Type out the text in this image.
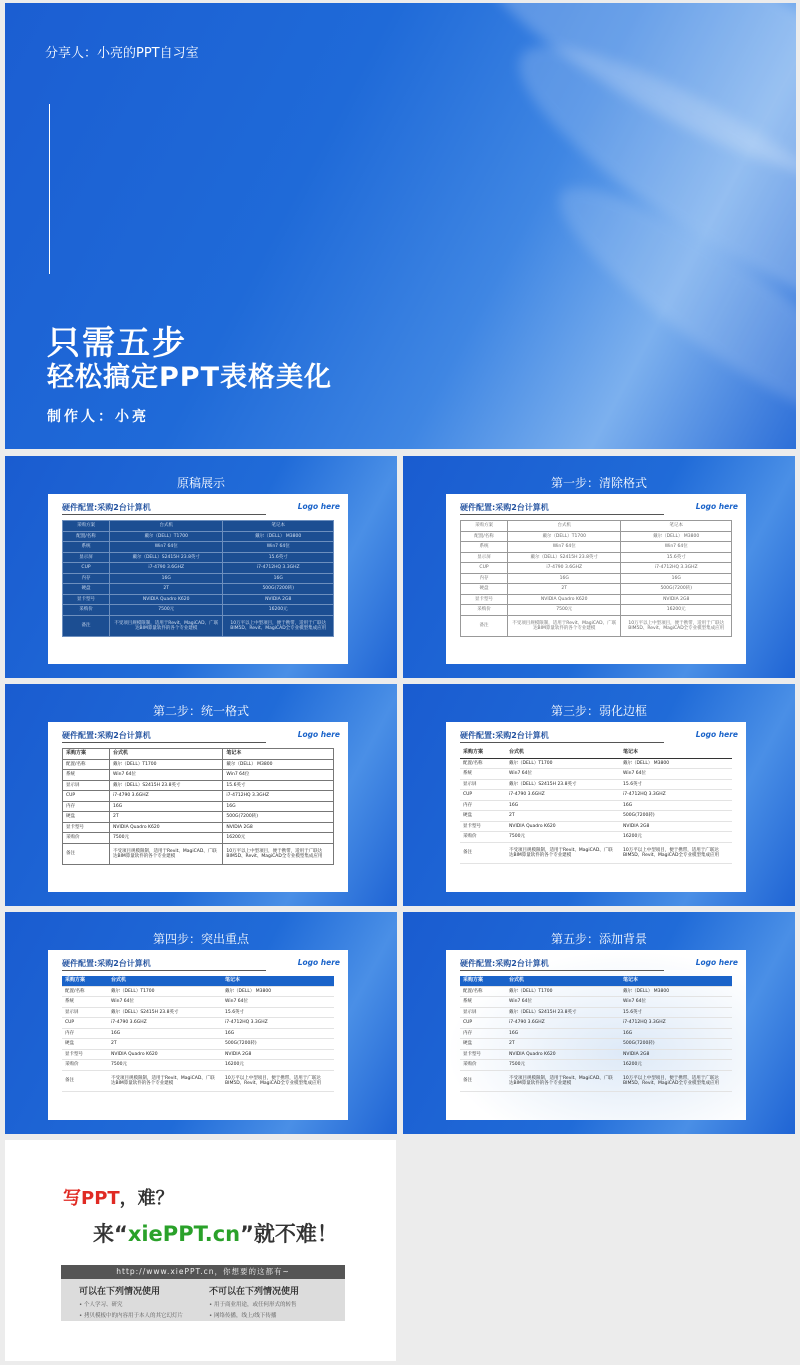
分享人：小亮的PPT自习室
只需五步
轻松搞定PPT表格美化
制作人：小亮
原稿展示
硬件配置:采购2台计算机	Logo here
采购方案	台式机	笔记本
配置/名称	戴尔（DELL）T1700	戴尔（DELL） M3800
系统	Win7 64位	Win7 64位
显示屏	戴尔（DELL）S2415H 23.8英寸	15.6英寸
CUP	i7-4790 3.6GHZ	i7-4712HQ 3.3GHZ
内存	16G	16G
硬盘	2T	500G(7200转)
显卡型号	NVIDIA Quadro K620	NVIDIA 2G8
采购价	7500元	16200元
备注	不受项目规模限制，适用于Revit、MagiCAD、广联达BIM算量软件的各个专业建模	10万平以上中型项目，便于携带，适用于广联达BIM5D、Revit、MagiCAD全专业模型集成应用
第一步：清除格式
硬件配置:采购2台计算机	Logo here
采购方案	台式机	笔记本
配置/名称	戴尔（DELL）T1700	戴尔（DELL） M3800
系统	Win7 64位	Win7 64位
显示屏	戴尔（DELL）S2415H 23.8英寸	15.6英寸
CUP	i7-4790 3.6GHZ	i7-4712HQ 3.3GHZ
内存	16G	16G
硬盘	2T	500G(7200转)
显卡型号	NVIDIA Quadro K620	NVIDIA 2G8
采购价	7500元	16200元
备注	不受项目规模限制，适用于Revit、MagiCAD、广联达BIM算量软件的各个专业建模	10万平以上中型项目，便于携带，适用于广联达BIM5D、Revit、MagiCAD全专业模型集成应用
第二步：统一格式
硬件配置:采购2台计算机	Logo here
采购方案	台式机	笔记本
配置/名称	戴尔（DELL）T1700	戴尔（DELL） M3800
系统	Win7 64位	Win7 64位
显示屏	戴尔（DELL）S2415H 23.8英寸	15.6英寸
CUP	i7-4790 3.6GHZ	i7-4712HQ 3.3GHZ
内存	16G	16G
硬盘	2T	500G(7200转)
显卡型号	NVIDIA Quadro K620	NVIDIA 2G8
采购价	7500元	16200元
备注	不受项目规模限制，适用于Revit、MagiCAD、广联达BIM算量软件的各个专业建模	10万平以上中型项目，便于携带，适用于广联达BIM5D、Revit、MagiCAD全专业模型集成应用
第三步：弱化边框
硬件配置:采购2台计算机	Logo here
采购方案	台式机	笔记本
配置/名称	戴尔（DELL）T1700	戴尔（DELL） M3800
系统	Win7 64位	Win7 64位
显示屏	戴尔（DELL）S2415H 23.8英寸	15.6英寸
CUP	i7-4790 3.6GHZ	i7-4712HQ 3.3GHZ
内存	16G	16G
硬盘	2T	500G(7200转)
显卡型号	NVIDIA Quadro K620	NVIDIA 2G8
采购价	7500元	16200元
备注	不受项目规模限制，适用于Revit、MagiCAD、广联达BIM算量软件的各个专业建模	10万平以上中型项目，便于携带，适用于广联达BIM5D、Revit、MagiCAD全专业模型集成应用
第四步：突出重点
硬件配置:采购2台计算机	Logo here
采购方案	台式机	笔记本
配置/名称	戴尔（DELL）T1700	戴尔（DELL） M3800
系统	Win7 64位	Win7 64位
显示屏	戴尔（DELL）S2415H 23.8英寸	15.6英寸
CUP	i7-4790 3.6GHZ	i7-4712HQ 3.3GHZ
内存	16G	16G
硬盘	2T	500G(7200转)
显卡型号	NVIDIA Quadro K620	NVIDIA 2G8
采购价	7500元	16200元
备注	不受项目规模限制，适用于Revit、MagiCAD、广联达BIM算量软件的各个专业建模	10万平以上中型项目，便于携带，适用于广联达BIM5D、Revit、MagiCAD全专业模型集成应用
第五步：添加背景
硬件配置:采购2台计算机	Logo here
采购方案	台式机	笔记本
配置/名称	戴尔（DELL）T1700	戴尔（DELL） M3800
系统	Win7 64位	Win7 64位
显示屏	戴尔（DELL）S2415H 23.8英寸	15.6英寸
CUP	i7-4790 3.6GHZ	i7-4712HQ 3.3GHZ
内存	16G	16G
硬盘	2T	500G(7200转)
显卡型号	NVIDIA Quadro K620	NVIDIA 2G8
采购价	7500元	16200元
备注	不受项目规模限制，适用于Revit、MagiCAD、广联达BIM算量软件的各个专业建模	10万平以上中型项目，便于携带，适用于广联达BIM5D、Revit、MagiCAD全专业模型集成应用
写PPT，难？
来“xiePPT.cn”就不难！
http://www.xiePPT.cn，你想要的这都有~
可以在下列情况使用
• 个人学习、研究
• 拷贝模板中的内容用于本人的其它幻灯片
不可以在下列情况使用
• 用于商业用途，或任何形式的转售
• 网络传播，线上/线下传播
